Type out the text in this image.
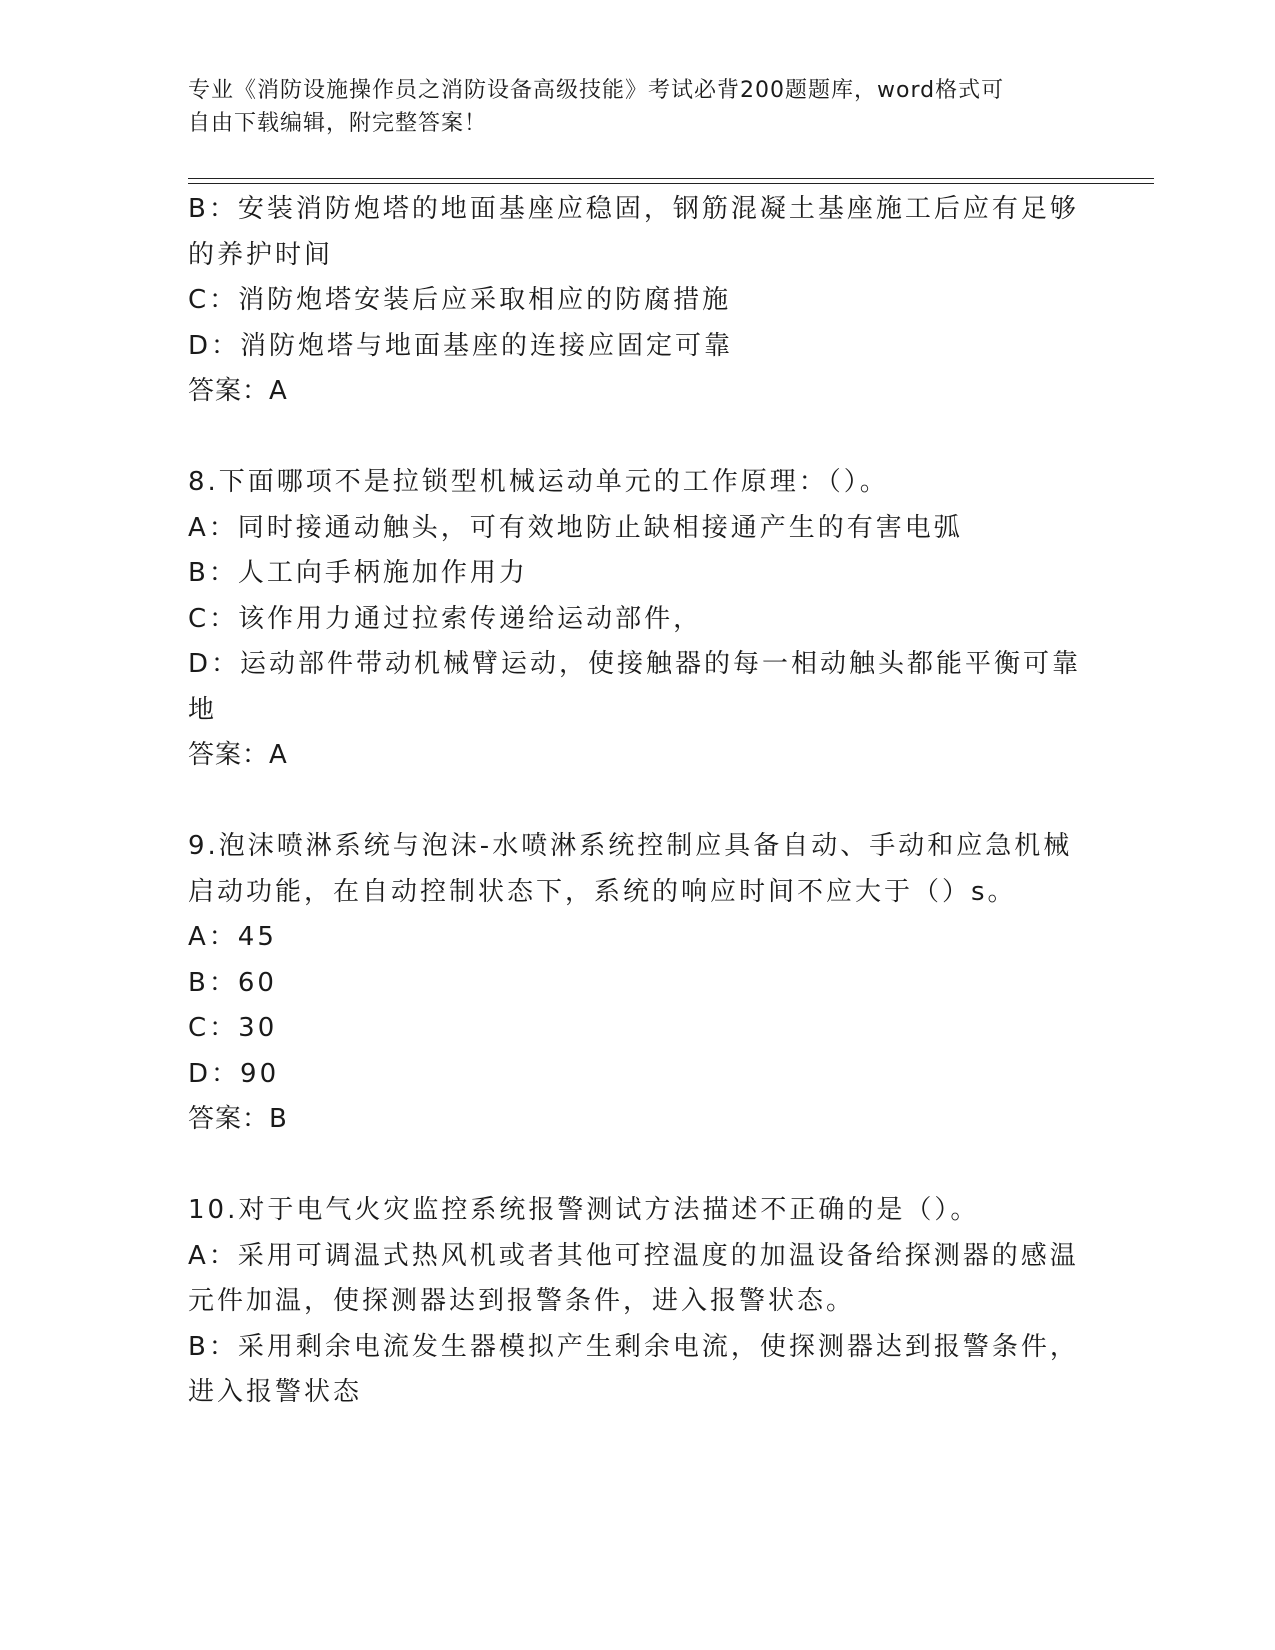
专业《消防设施操作员之消防设备高级技能》考试必背200题题库，word格式可
自由下载编辑，附完整答案！
B：安装消防炮塔的地面基座应稳固，钢筋混凝土基座施工后应有足够
的养护时间
C：消防炮塔安装后应采取相应的防腐措施
D：消防炮塔与地面基座的连接应固定可靠
答案：A
8.下面哪项不是拉锁型机械运动单元的工作原理：（）。
A：同时接通动触头，可有效地防止缺相接通产生的有害电弧
B：人工向手柄施加作用力
C：该作用力通过拉索传递给运动部件，
D：运动部件带动机械臂运动，使接触器的每一相动触头都能平衡可靠
地
答案：A
9.泡沫喷淋系统与泡沫-水喷淋系统控制应具备自动、手动和应急机械
启动功能，在自动控制状态下，系统的响应时间不应大于（）s。
A：45
B：60
C：30
D：90
答案：B
10.对于电气火灾监控系统报警测试方法描述不正确的是（）。
A：采用可调温式热风机或者其他可控温度的加温设备给探测器的感温
元件加温，使探测器达到报警条件，进入报警状态。
B：采用剩余电流发生器模拟产生剩余电流，使探测器达到报警条件，
进入报警状态
